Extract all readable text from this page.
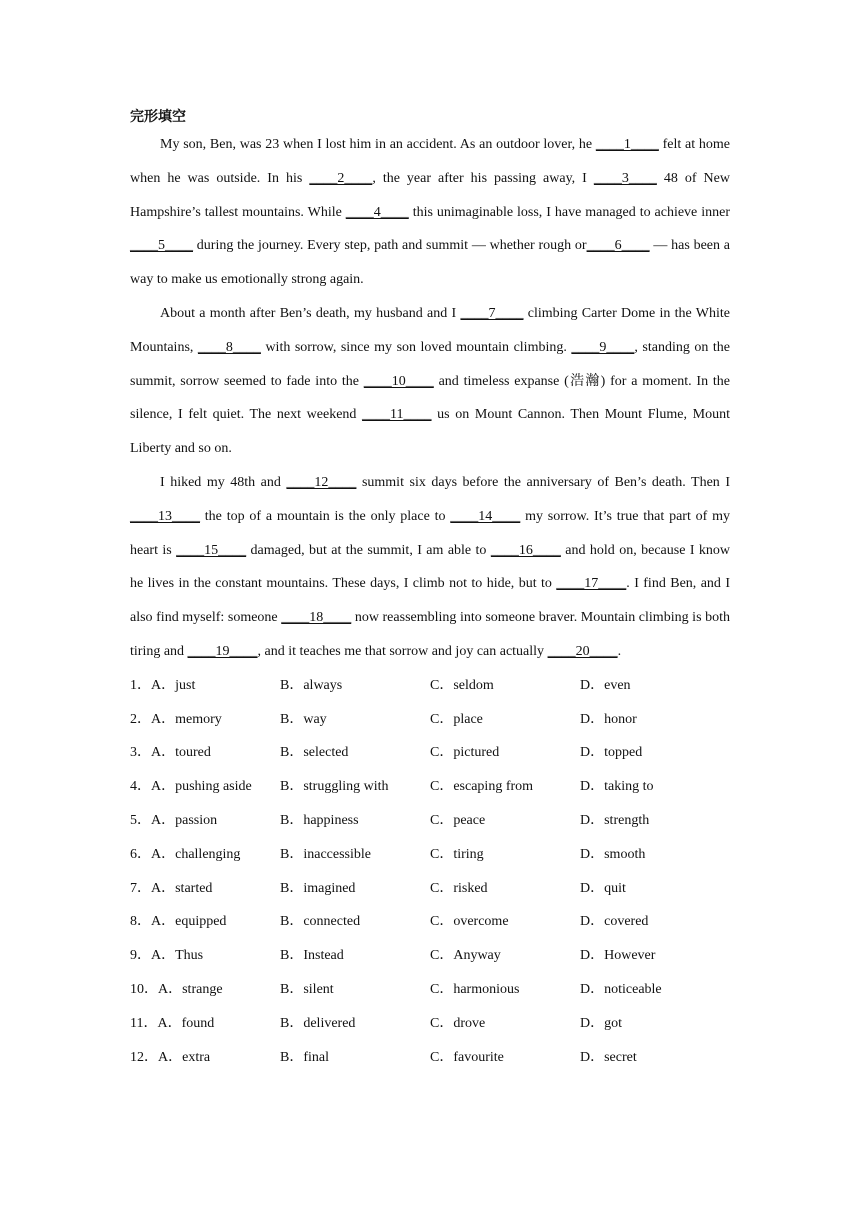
完形填空

My son, Ben, was 23 when I lost him in an accident. As an outdoor lover, he ____1____ felt at home when he was outside. In his ____2____, the year after his passing away, I ____3____ 48 of New Hampshire’s tallest mountains. While ____4____ this unimaginable loss, I have managed to achieve inner ____5____ during the journey. Every step, path and summit — whether rough or____6____ — has been a way to make us emotionally strong again.

About a month after Ben’s death, my husband and I ____7____ climbing Carter Dome in the White Mountains, ____8____ with sorrow, since my son loved mountain climbing. ____9____, standing on the summit, sorrow seemed to fade into the ____10____ and timeless expanse (浩瀚) for a moment. In the silence, I felt quiet. The next weekend ____11____ us on Mount Cannon. Then Mount Flume, Mount Liberty and so on.

I hiked my 48th and ____12____ summit six days before the anniversary of Ben’s death. Then I ____13____ the top of a mountain is the only place to ____14____ my sorrow. It’s true that part of my heart is ____15____ damaged, but at the summit, I am able to ____16____ and hold on, because I know he lives in the constant mountains. These days, I climb not to hide, but to ____17____. I find Ben, and I also find myself: someone ____18____ now reassembling into someone braver. Mountain climbing is both tiring and ____19____, and it teaches me that sorrow and joy can actually ____20____.

1．A．just	B．always	C．seldom	D．even
2．A．memory	B．way	C．place	D．honor
3．A．toured	B．selected	C．pictured	D．topped
4．A．pushing aside B．struggling with	C．escaping from	D．taking to
5．A．passion	B．happiness	C．peace	D．strength
6．A．challenging	B．inaccessible	C．tiring	D．smooth
7．A．started	B．imagined	C．risked	D．quit
8．A．equipped	B．connected	C．overcome	D．covered
9．A．Thus	B．Instead	C．Anyway	D．However
10．A．strange	B．silent	C．harmonious	D．noticeable
11．A．found	B．delivered	C．drove	D．got
12．A．extra	B．final	C．favourite	D．secret
